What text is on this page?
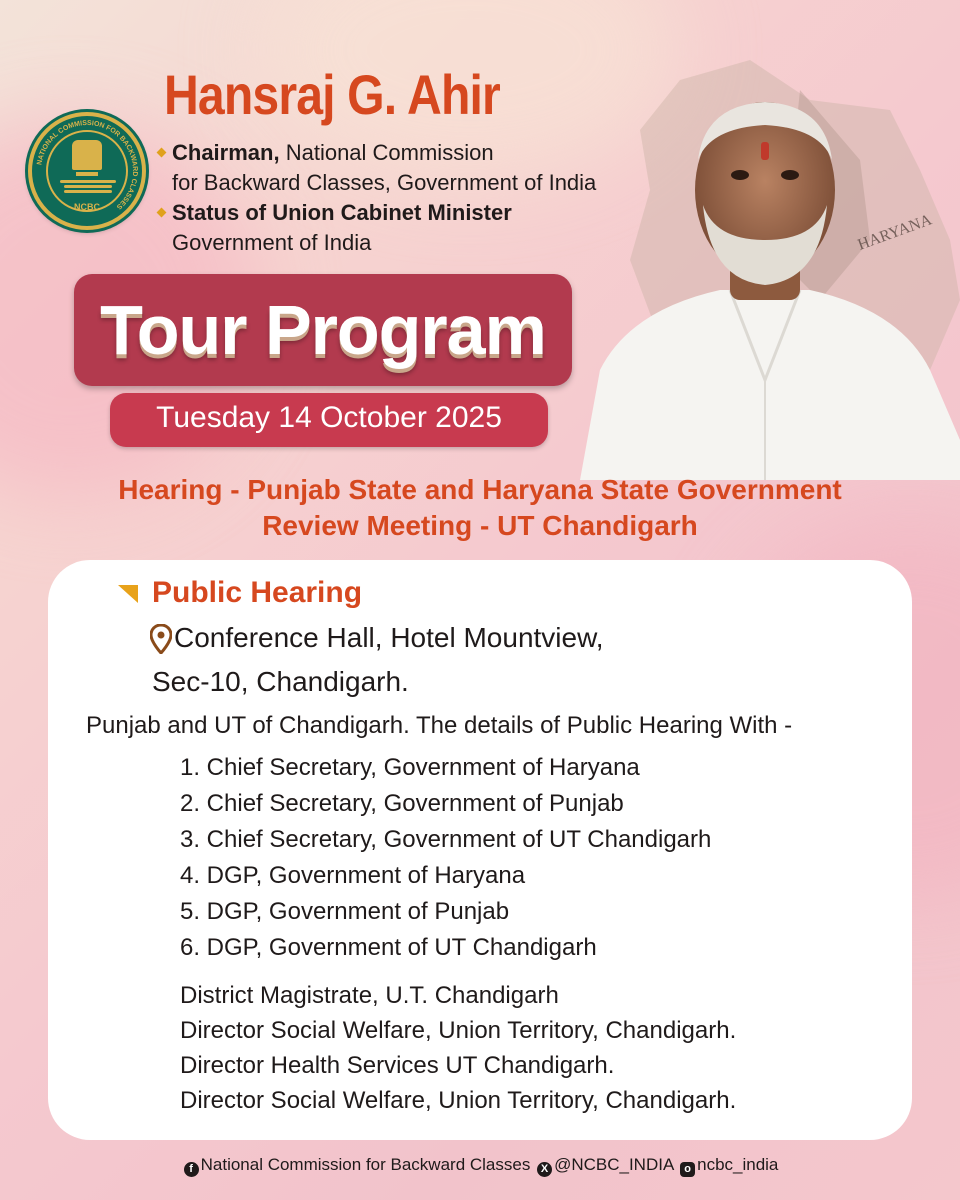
HARYANA
NATIONAL COMMISSION FOR BACKWARD CLASSES
NCBC
Hansraj G. Ahir
Chairman, National Commission
for Backward Classes, Government of India
Status of Union Cabinet Minister
Government of India
Tour Program
Tuesday 14 October 2025
Hearing - Punjab State and Haryana State Government
Review Meeting - UT Chandigarh
Public Hearing
Conference Hall, Hotel Mountview,
Sec-10, Chandigarh.
Punjab and UT of Chandigarh. The details of Public Hearing With -
1. Chief Secretary, Government of Haryana
2. Chief Secretary, Government of Punjab
3. Chief Secretary, Government of UT Chandigarh
4. DGP, Government of Haryana
5. DGP, Government of Punjab
6. DGP, Government of UT Chandigarh
District Magistrate, U.T. Chandigarh
Director Social Welfare, Union Territory, Chandigarh.
Director Health Services UT Chandigarh.
Director Social Welfare, Union Territory, Chandigarh.
f National Commission for Backward Classes X @NCBC_INDIA o ncbc_india
